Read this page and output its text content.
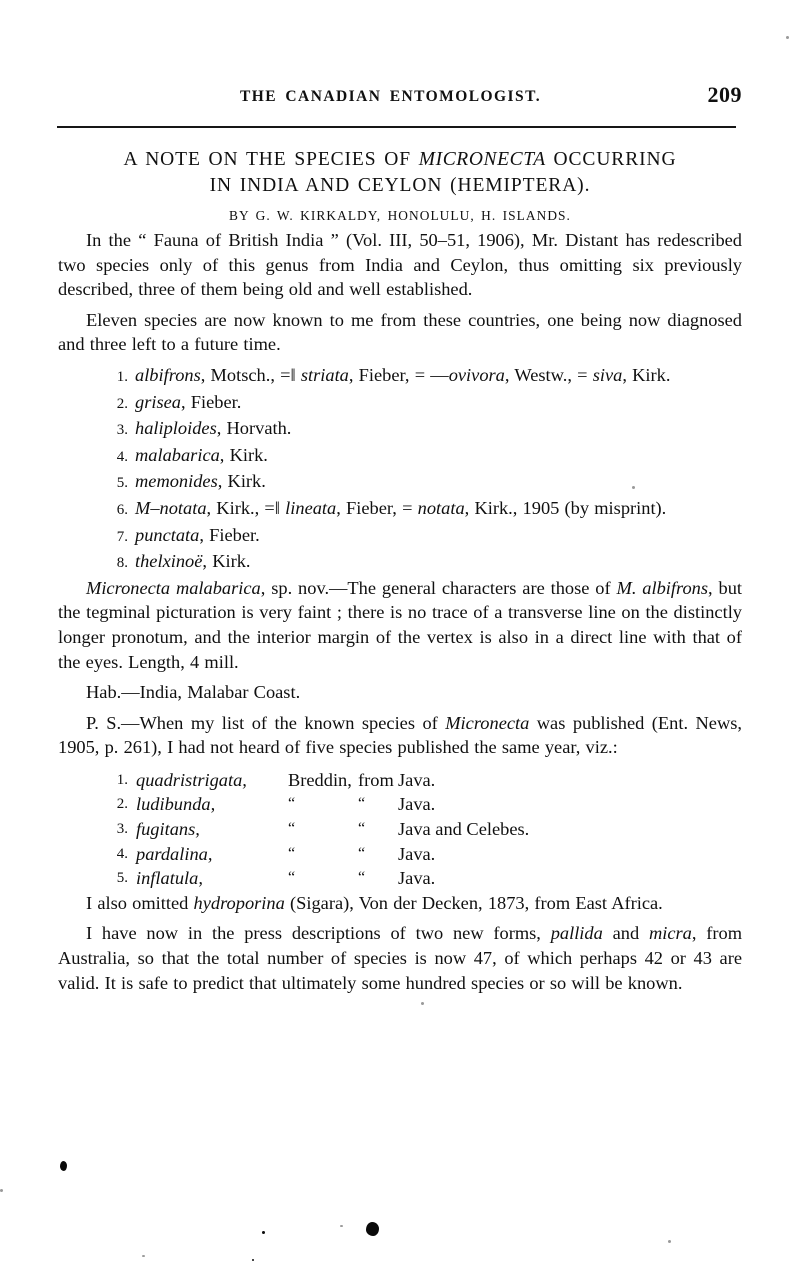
THE CANADIAN ENTOMOLOGIST.	209
A NOTE ON THE SPECIES OF MICRONECTA OCCURRING
IN INDIA AND CEYLON (HEMIPTERA).
BY G. W. KIRKALDY, HONOLULU, H. ISLANDS.

In the “ Fauna of British India ” (Vol. III, 50–51, 1906), Mr. Distant has redescribed two species only of this genus from India and Ceylon, thus omitting six previously described, three of them being old and well established.

Eleven species are now known to me from these countries, one being now diagnosed and three left to a future time.

1. albifrons, Motsch., =‖ striata, Fieber, = —ovivora, Westw., = siva, Kirk.
2. grisea, Fieber.
3. haliploides, Horvath.
4. malabarica, Kirk.
5. memonides, Kirk.
6. M–notata, Kirk., =‖ lineata, Fieber, = notata, Kirk., 1905 (by misprint).
7. punctata, Fieber.
8. thelxinoë, Kirk.

Micronecta malabarica, sp. nov.—The general characters are those of M. albifrons, but the tegminal picturation is very faint ; there is no trace of a transverse line on the distinctly longer pronotum, and the interior margin of the vertex is also in a direct line with that of the eyes. Length, 4 mill.

Hab.—India, Malabar Coast.

P. S.—When my list of the known species of Micronecta was published (Ent. News, 1905, p. 261), I had not heard of five species published the same year, viz.:

1. quadristrigata, Breddin, from Java.
2. ludibunda,	“	“ Java.
3. fugitans,	“	“ Java and Celebes.
4. pardalina,	“	“ Java.
5. inflatula,	“	“ Java.

I also omitted hydroporina (Sigara), Von der Decken, 1873, from East Africa.

I have now in the press descriptions of two new forms, pallida and micra, from Australia, so that the total number of species is now 47, of which perhaps 42 or 43 are valid. It is safe to predict that ultimately some hundred species or so will be known.
